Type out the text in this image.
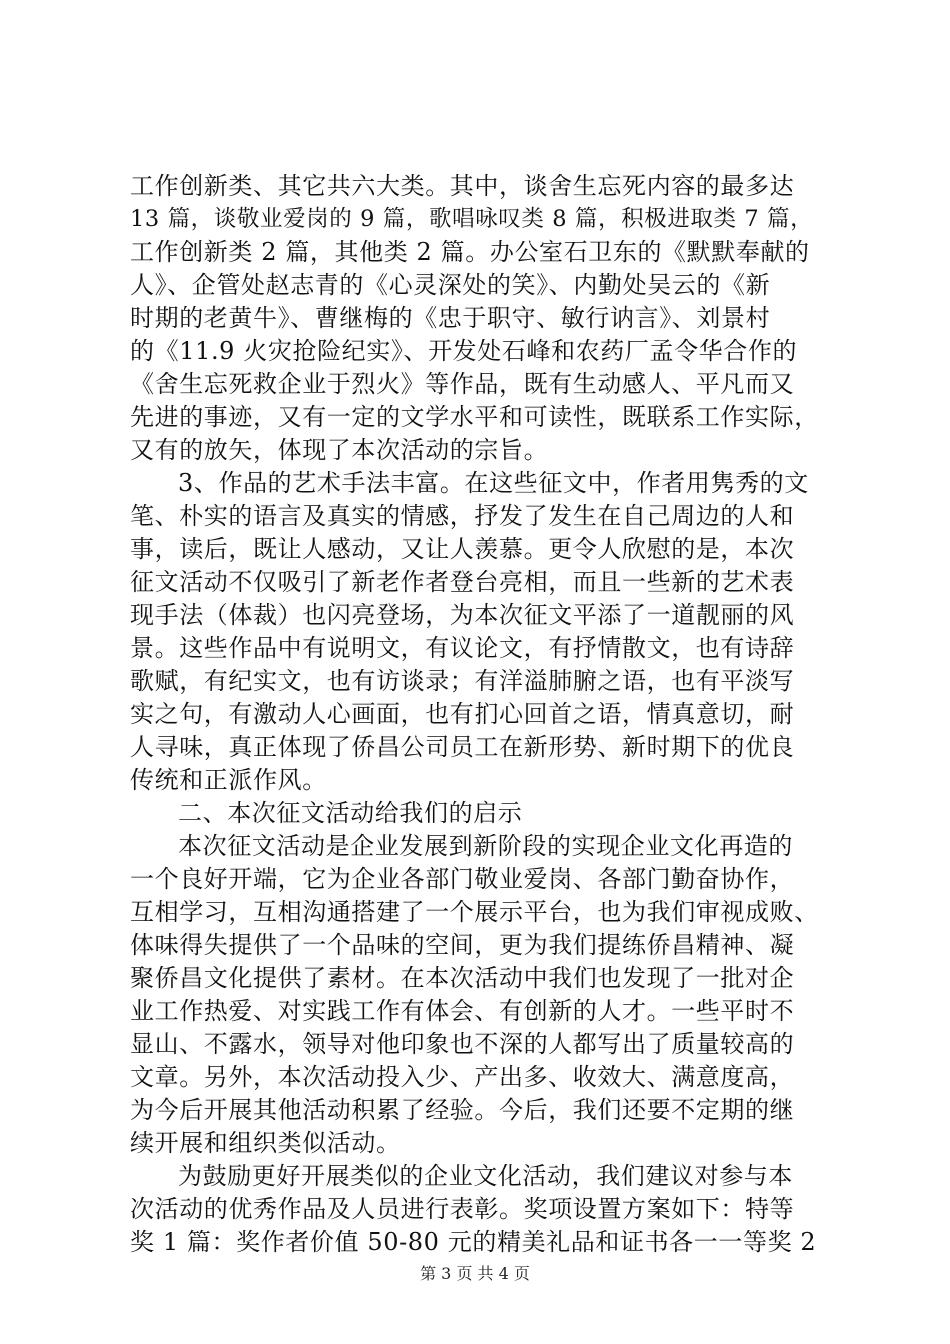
工作创新类、其它共六大类。其中，谈舍生忘死内容的最多达
13 篇，谈敬业爱岗的 9 篇，歌唱咏叹类 8 篇，积极进取类 7 篇，
工作创新类 2 篇，其他类 2 篇。办公室石卫东的《默默奉献的
人》、企管处赵志青的《心灵深处的笑》、内勤处吴云的《新
时期的老黄牛》、曹继梅的《忠于职守、敏行讷言》、刘景村
的《11.9 火灾抢险纪实》、开发处石峰和农药厂孟令华合作的
《舍生忘死救企业于烈火》等作品，既有生动感人、平凡而又
先进的事迹，又有一定的文学水平和可读性，既联系工作实际，
又有的放矢，体现了本次活动的宗旨。
3、作品的艺术手法丰富。在这些征文中，作者用隽秀的文
笔、朴实的语言及真实的情感，抒发了发生在自己周边的人和
事，读后，既让人感动，又让人羡慕。更令人欣慰的是，本次
征文活动不仅吸引了新老作者登台亮相，而且一些新的艺术表
现手法（体裁）也闪亮登场，为本次征文平添了一道靓丽的风
景。这些作品中有说明文，有议论文，有抒情散文，也有诗辞
歌赋，有纪实文，也有访谈录；有洋溢肺腑之语，也有平淡写
实之句，有激动人心画面，也有扪心回首之语，情真意切，耐
人寻味，真正体现了侨昌公司员工在新形势、新时期下的优良
传统和正派作风。
二、本次征文活动给我们的启示
本次征文活动是企业发展到新阶段的实现企业文化再造的
一个良好开端，它为企业各部门敬业爱岗、各部门勤奋协作，
互相学习，互相沟通搭建了一个展示平台，也为我们审视成败、
体味得失提供了一个品味的空间，更为我们提练侨昌精神、凝
聚侨昌文化提供了素材。在本次活动中我们也发现了一批对企
业工作热爱、对实践工作有体会、有创新的人才。一些平时不
显山、不露水，领导对他印象也不深的人都写出了质量较高的
文章。另外，本次活动投入少、产出多、收效大、满意度高，
为今后开展其他活动积累了经验。今后，我们还要不定期的继
续开展和组织类似活动。
为鼓励更好开展类似的企业文化活动，我们建议对参与本
次活动的优秀作品及人员进行表彰。奖项设置方案如下：特等
奖 1 篇：奖作者价值 50-80 元的精美礼品和证书各一一等奖 2
第 3 页 共 4 页
